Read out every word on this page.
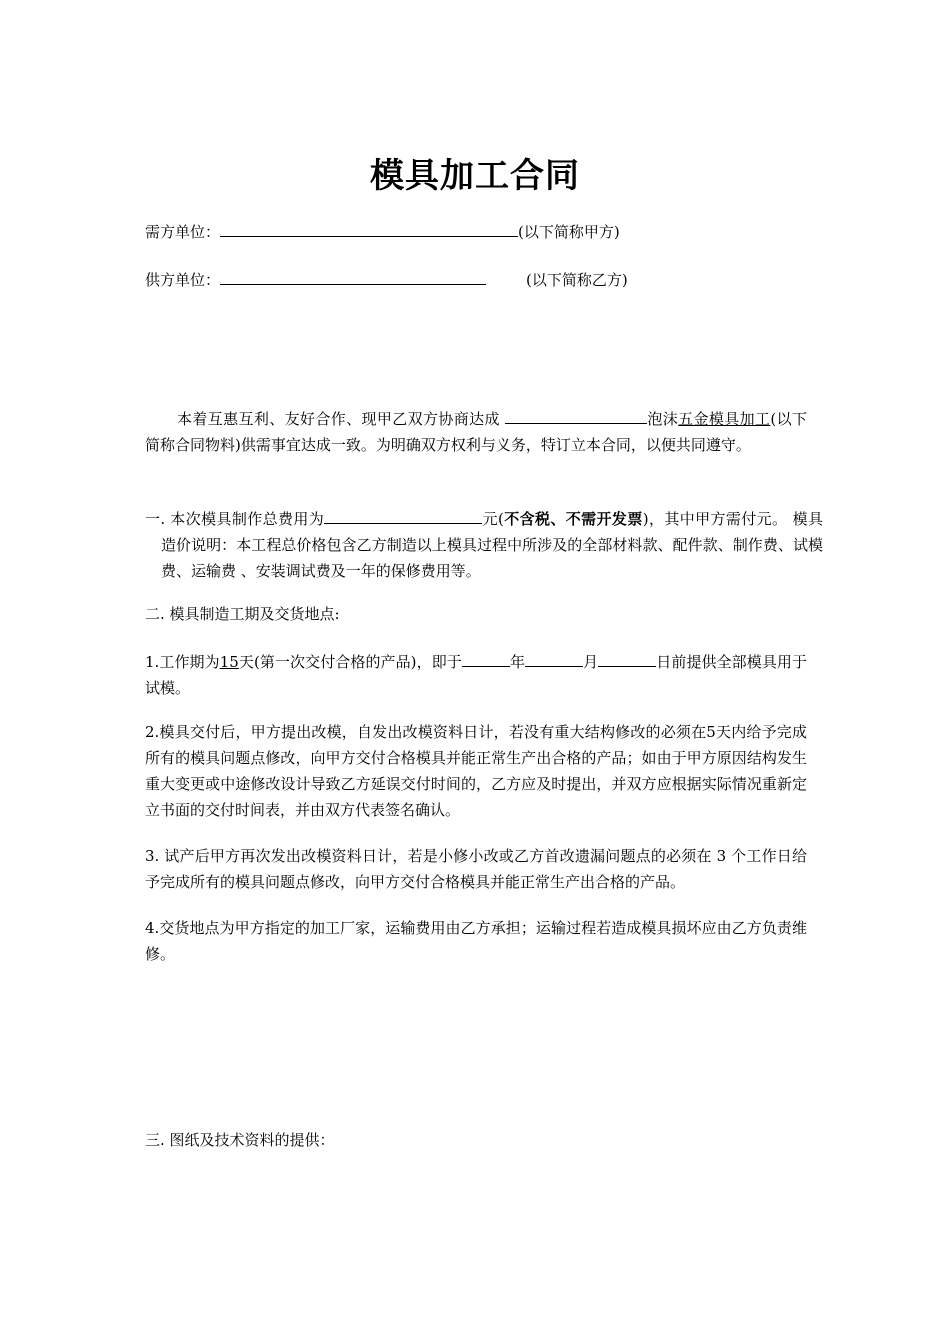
模具加工合同
需方单位：	(以下简称甲方)
供方单位：	(以下简称乙方)
本着互惠互利、友好合作、现甲乙双方协商达成	泡沫五金模具加工(以下简称合同物料)供需事宜达成一致。为明确双方权利与义务，特订立本合同，以便共同遵守。
一. 本次模具制作总费用为	元(不含税、不需开发票)，其中甲方需付元。 模具造价说明：本工程总价格包含乙方制造以上模具过程中所涉及的全部材料款、配件款、制作费、试模费、运输费 、安装调试费及一年的保修费用等。
二. 模具制造工期及交货地点:
1.工作期为15天(第一次交付合格的产品)，即于	年	月	日前提供全部模具用于试模。
2.模具交付后，甲方提出改模，自发出改模资料日计，若没有重大结构修改的必须在5天内给予完成所有的模具问题点修改，向甲方交付合格模具并能正常生产出合格的产品；如由于甲方原因结构发生重大变更或中途修改设计导致乙方延误交付时间的，乙方应及时提出，并双方应根据实际情况重新定立书面的交付时间表，并由双方代表签名确认。
3. 试产后甲方再次发出改模资料日计，若是小修小改或乙方首改遗漏问题点的必须在 3 个工作日给予完成所有的模具问题点修改，向甲方交付合格模具并能正常生产出合格的产品。
4.交货地点为甲方指定的加工厂家，运输费用由乙方承担；运输过程若造成模具损坏应由乙方负责维修。
三. 图纸及技术资料的提供：
